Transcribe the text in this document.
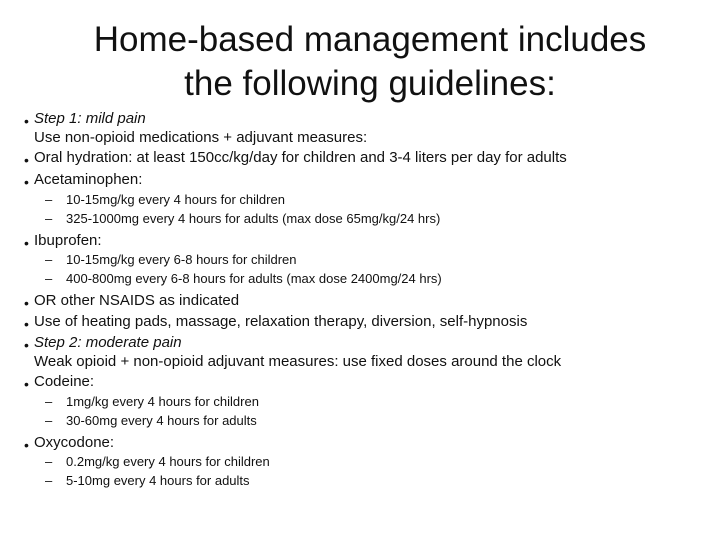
Home-based management includes
the following guidelines:
• Step 1: mild pain
Use non-opioid medications + adjuvant measures:
• Oral hydration: at least 150cc/kg/day for children and 3-4 liters per day for adults
• Acetaminophen:
– 10-15mg/kg every 4 hours for children
– 325-1000mg every 4 hours for adults (max dose 65mg/kg/24 hrs)
• Ibuprofen:
– 10-15mg/kg every 6-8 hours for children
– 400-800mg every 6-8 hours for adults (max dose 2400mg/24 hrs)
• OR other NSAIDS as indicated
• Use of heating pads, massage, relaxation therapy, diversion, self-hypnosis
• Step 2: moderate pain
Weak opioid + non-opioid adjuvant measures: use fixed doses around the clock
• Codeine:
– 1mg/kg every 4 hours for children
– 30-60mg every 4 hours for adults
• Oxycodone:
– 0.2mg/kg every 4 hours for children
– 5-10mg every 4 hours for adults
